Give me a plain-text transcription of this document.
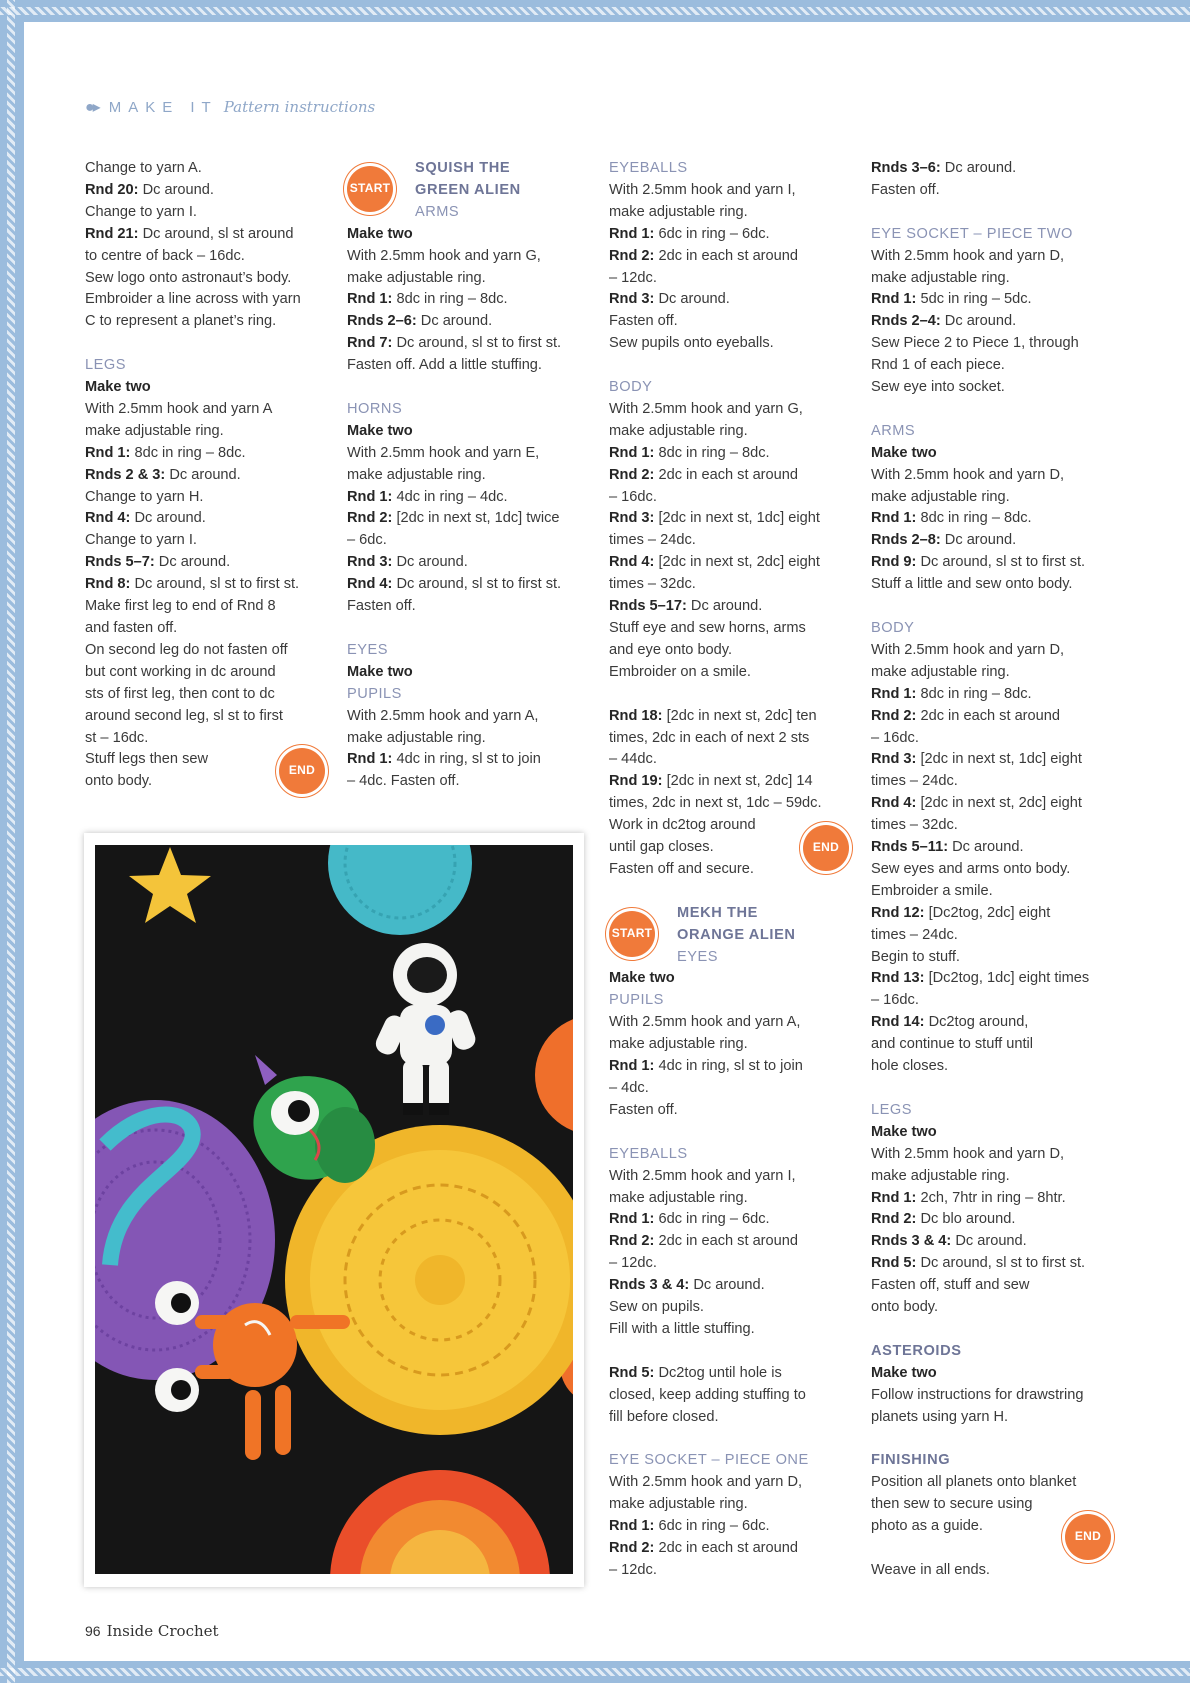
●▸ MAKE IT Pattern instructions

Change to yarn A.

Rnd 20: Dc around.

Change to yarn I.

Rnd 21: Dc around, sl st around

to centre of back – 16dc.

Sew logo onto astronaut’s body.

Embroider a line across with yarn

C to represent a planet’s ring.

LEGS

Make two

With 2.5mm hook and yarn A

make adjustable ring.

Rnd 1: 8dc in ring – 8dc.

Rnds 2 & 3: Dc around.

Change to yarn H.

Rnd 4: Dc around.

Change to yarn I.

Rnds 5–7: Dc around.

Rnd 8: Dc around, sl st to first st.

Make first leg to end of Rnd 8

and fasten off.

On second leg do not fasten off

but cont working in dc around

sts of first leg, then cont to dc

around second leg, sl st to first

st – 16dc.

Stuff legs then sew

onto body.

END
START

SQUISH THE

GREEN ALIEN

ARMS

Make two

With 2.5mm hook and yarn G,

make adjustable ring.

Rnd 1: 8dc in ring – 8dc.

Rnds 2–6: Dc around.

Rnd 7: Dc around, sl st to first st.

Fasten off. Add a little stuffing.

HORNS

Make two

With 2.5mm hook and yarn E,

make adjustable ring.

Rnd 1: 4dc in ring – 4dc.

Rnd 2: [2dc in next st, 1dc] twice

– 6dc.

Rnd 3: Dc around.

Rnd 4: Dc around, sl st to first st.

Fasten off.

EYES

Make two

PUPILS

With 2.5mm hook and yarn A,

make adjustable ring.

Rnd 1: 4dc in ring, sl st to join

– 4dc. Fasten off.

EYEBALLS

With 2.5mm hook and yarn I,

make adjustable ring.

Rnd 1: 6dc in ring – 6dc.

Rnd 2: 2dc in each st around

– 12dc.

Rnd 3: Dc around.

Fasten off.

Sew pupils onto eyeballs.

BODY

With 2.5mm hook and yarn G,

make adjustable ring.

Rnd 1: 8dc in ring – 8dc.

Rnd 2: 2dc in each st around

– 16dc.

Rnd 3: [2dc in next st, 1dc] eight

times – 24dc.

Rnd 4: [2dc in next st, 2dc] eight

times – 32dc.

Rnds 5–17: Dc around.

Stuff eye and sew horns, arms

and eye onto body.

Embroider on a smile.

Rnd 18: [2dc in next st, 2dc] ten

times, 2dc in each of next 2 sts

– 44dc.

Rnd 19: [2dc in next st, 2dc] 14

times, 2dc in next st, 1dc – 59dc.

Work in dc2tog around

until gap closes.

Fasten off and secure.

END
START

MEKH THE

ORANGE ALIEN

EYES

Make two

PUPILS

With 2.5mm hook and yarn A,

make adjustable ring.

Rnd 1: 4dc in ring, sl st to join

– 4dc.

Fasten off.

EYEBALLS

With 2.5mm hook and yarn I,

make adjustable ring.

Rnd 1: 6dc in ring – 6dc.

Rnd 2: 2dc in each st around

– 12dc.

Rnds 3 & 4: Dc around.

Sew on pupils.

Fill with a little stuffing.

Rnd 5: Dc2tog until hole is

closed, keep adding stuffing to

fill before closed.

EYE SOCKET – PIECE ONE

With 2.5mm hook and yarn D,

make adjustable ring.

Rnd 1: 6dc in ring – 6dc.

Rnd 2: 2dc in each st around

– 12dc.

Rnds 3–6: Dc around.

Fasten off.

EYE SOCKET – PIECE TWO

With 2.5mm hook and yarn D,

make adjustable ring.

Rnd 1: 5dc in ring – 5dc.

Rnds 2–4: Dc around.

Sew Piece 2 to Piece 1, through

Rnd 1 of each piece.

Sew eye into socket.

ARMS

Make two

With 2.5mm hook and yarn D,

make adjustable ring.

Rnd 1: 8dc in ring – 8dc.

Rnds 2–8: Dc around.

Rnd 9: Dc around, sl st to first st.

Stuff a little and sew onto body.

BODY

With 2.5mm hook and yarn D,

make adjustable ring.

Rnd 1: 8dc in ring – 8dc.

Rnd 2: 2dc in each st around

– 16dc.

Rnd 3: [2dc in next st, 1dc] eight

times – 24dc.

Rnd 4: [2dc in next st, 2dc] eight

times – 32dc.

Rnds 5–11: Dc around.

Sew eyes and arms onto body.

Embroider a smile.

Rnd 12: [Dc2tog, 2dc] eight

times – 24dc.

Begin to stuff.

Rnd 13: [Dc2tog, 1dc] eight times

– 16dc.

Rnd 14: Dc2tog around,

and continue to stuff until

hole closes.

LEGS

Make two

With 2.5mm hook and yarn D,

make adjustable ring.

Rnd 1: 2ch, 7htr in ring – 8htr.

Rnd 2: Dc blo around.

Rnds 3 & 4: Dc around.

Rnd 5: Dc around, sl st to first st.

Fasten off, stuff and sew

onto body.

ASTEROIDS

Make two

Follow instructions for drawstring

planets using yarn H.

FINISHING

Position all planets onto blanket

then sew to secure using

photo as a guide.

Weave in all ends.

END
96 Inside Crochet
